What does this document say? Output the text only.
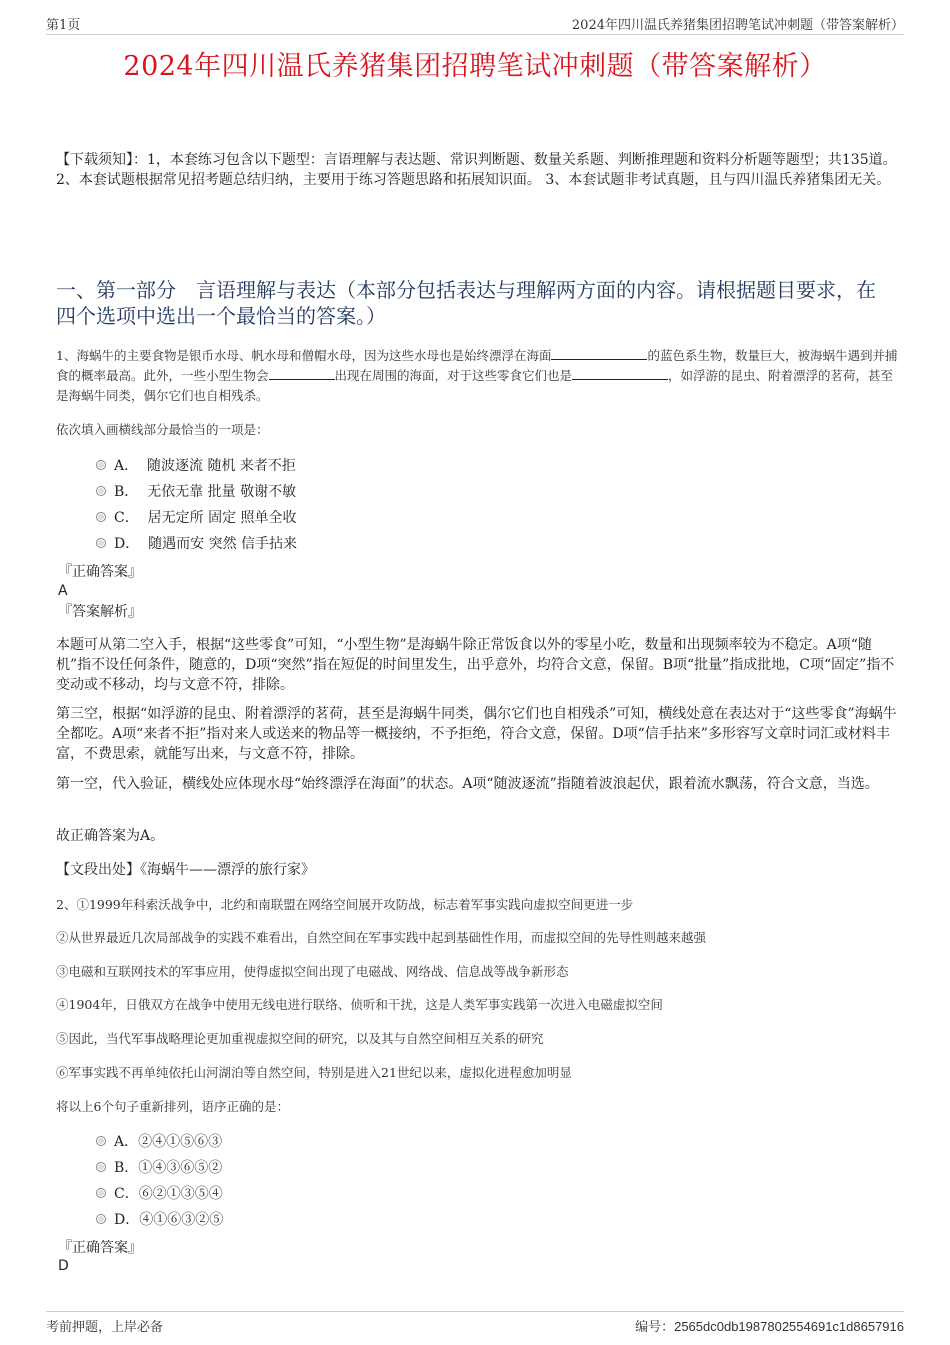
第1页	2024年四川温氏养猪集团招聘笔试冲刺题（带答案解析）
2024年四川温氏养猪集团招聘笔试冲刺题（带答案解析）
【下载须知】：1，本套练习包含以下题型：言语理解与表达题、常识判断题、数量关系题、判断推理题和资料分析题等题型；共135道。 2、本套试题根据常见招考题总结归纳，主要用于练习答题思路和拓展知识面。 3、本套试题非考试真题，且与四川温氏养猪集团无关。
一、第一部分　言语理解与表达（本部分包括表达与理解两方面的内容。请根据题目要求，在四个选项中选出一个最恰当的答案。）
1、海蜗牛的主要食物是银币水母、帆水母和僧帽水母，因为这些水母也是始终漂浮在海面	的蓝色系生物，数量巨大，被海蜗牛遇到并捕食的概率最高。此外，一些小型生物会	出现在周围的海面，对于这些零食它们也是	，如浮游的昆虫、附着漂浮的茗荷，甚至是海蜗牛同类，偶尔它们也自相残杀。
依次填入画横线部分最恰当的一项是：
A． 随波逐流 随机 来者不拒
B． 无依无靠 批量 敬谢不敏
C． 居无定所 固定 照单全收
D． 随遇而安 突然 信手拈来
『正确答案』
A
『答案解析』
本题可从第二空入手，根据“这些零食”可知，“小型生物”是海蜗牛除正常饭食以外的零星小吃，数量和出现频率较为不稳定。A项“随机”指不设任何条件，随意的，D项“突然”指在短促的时间里发生，出乎意外，均符合文意，保留。B项“批量”指成批地，C项“固定”指不变动或不移动，均与文意不符，排除。
第三空，根据“如浮游的昆虫、附着漂浮的茗荷，甚至是海蜗牛同类，偶尔它们也自相残杀”可知，横线处意在表达对于“这些零食”海蜗牛全都吃。A项“来者不拒”指对来人或送来的物品等一概接纳，不予拒绝，符合文意，保留。D项“信手拈来”多形容写文章时词汇或材料丰富，不费思索，就能写出来，与文意不符，排除。
第一空，代入验证，横线处应体现水母“始终漂浮在海面”的状态。A项“随波逐流”指随着波浪起伏，跟着流水飘荡，符合文意，当选。
故正确答案为A。
【文段出处】《海蜗牛——漂浮的旅行家》
2、①1999年科索沃战争中，北约和南联盟在网络空间展开攻防战，标志着军事实践向虚拟空间更进一步
②从世界最近几次局部战争的实践不难看出，自然空间在军事实践中起到基础性作用，而虚拟空间的先导性则越来越强
③电磁和互联网技术的军事应用，使得虚拟空间出现了电磁战、网络战、信息战等战争新形态
④1904年，日俄双方在战争中使用无线电进行联络、侦听和干扰，这是人类军事实践第一次进入电磁虚拟空间
⑤因此，当代军事战略理论更加重视虚拟空间的研究，以及其与自然空间相互关系的研究
⑥军事实践不再单纯依托山河湖泊等自然空间，特别是进入21世纪以来，虚拟化进程愈加明显
将以上6个句子重新排列，语序正确的是：
A．②④①⑤⑥③
B．①④③⑥⑤②
C．⑥②①③⑤④
D．④①⑥③②⑤
『正确答案』
D
考前押题，上岸必备	编号：2565dc0db1987802554691c1d8657916
